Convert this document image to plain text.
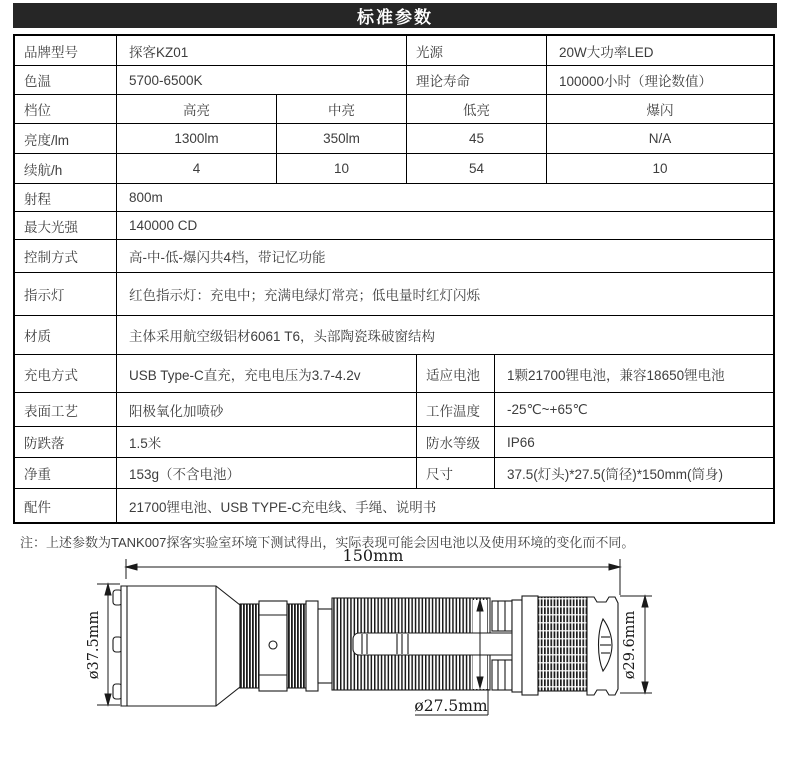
标准参数
品牌型号	探客KZ01	光源	20W大功率LED
色温	5700-6500K	理论寿命	100000小时（理论数值）
档位	高亮	中亮	低亮	爆闪
亮度/lm	1300lm	350lm	45	N/A
续航/h	4	10	54	10
射程	800m
最大光强	140000 CD
控制方式	高-中-低-爆闪共4档，带记忆功能
指示灯	红色指示灯：充电中；充满电绿灯常亮；低电量时红灯闪烁
材质	主体采用航空级铝材6061 T6，头部陶瓷珠破窗结构
充电方式	USB Type-C直充，充电电压为3.7-4.2v	适应电池	1颗21700锂电池，兼容18650锂电池
表面工艺	阳极氧化加喷砂	工作温度	-25℃~+65℃
防跌落	1.5米	防水等级	IP66
净重	153g（不含电池）	尺寸	37.5(灯头)*27.5(筒径)*150mm(筒身)
配件	21700锂电池、USB TYPE-C充电线、手绳、说明书
注：上述参数为TANK007探客实验室环境下测试得出，实际表现可能会因电池以及使用环境的变化而不同。
150mm
ø37.5mm	ø29.6mm
ø27.5mm
